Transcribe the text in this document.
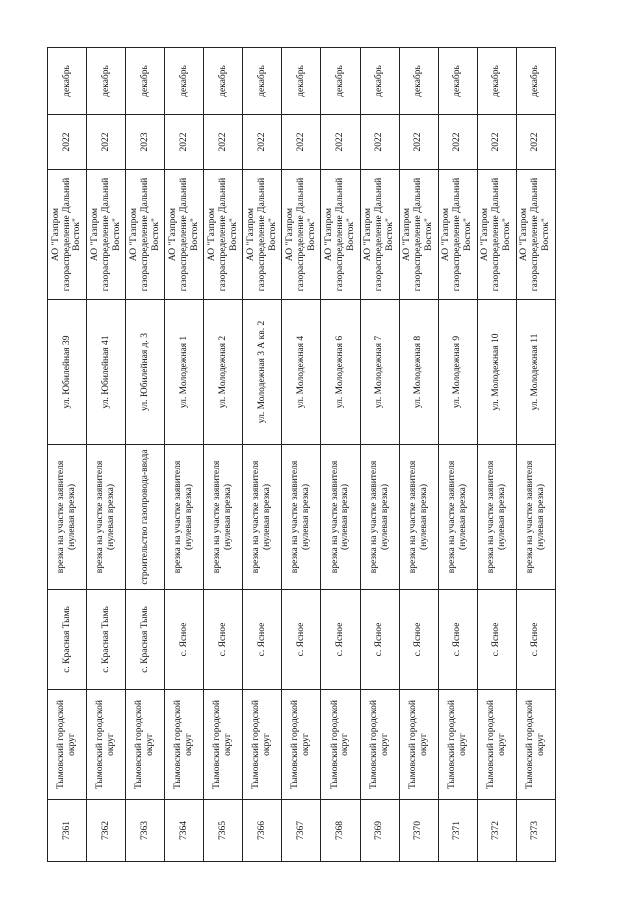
7361	Тымовский городской округ	с. Красная Тымь	врезка на участке заявителя (нулевая врезка)	ул. Юбилейная 39	АО "Газпром газораспределение Дальний Восток"	2022	декабрь
7362	Тымовский городской округ	с. Красная Тымь	врезка на участке заявителя (нулевая врезка)	ул. Юбилейная 41	АО "Газпром газораспределение Дальний Восток"	2022	декабрь
7363	Тымовский городской округ	с. Красная Тымь	строительство газопровода-ввода	ул. Юбилейная д. 3	АО "Газпром газораспределение Дальний Восток"	2023	декабрь
7364	Тымовский городской округ	с. Ясное	врезка на участке заявителя (нулевая врезка)	ул. Молодежная 1	АО "Газпром газораспределение Дальний Восток"	2022	декабрь
7365	Тымовский городской округ	с. Ясное	врезка на участке заявителя (нулевая врезка)	ул. Молодежная 2	АО "Газпром газораспределение Дальний Восток"	2022	декабрь
7366	Тымовский городской округ	с. Ясное	врезка на участке заявителя (нулевая врезка)	ул. Молодежная 3 А кв. 2	АО "Газпром газораспределение Дальний Восток"	2022	декабрь
7367	Тымовский городской округ	с. Ясное	врезка на участке заявителя (нулевая врезка)	ул. Молодежная 4	АО "Газпром газораспределение Дальний Восток"	2022	декабрь
7368	Тымовский городской округ	с. Ясное	врезка на участке заявителя (нулевая врезка)	ул. Молодежная 6	АО "Газпром газораспределение Дальний Восток"	2022	декабрь
7369	Тымовский городской округ	с. Ясное	врезка на участке заявителя (нулевая врезка)	ул. Молодежная 7	АО "Газпром газораспределение Дальний Восток"	2022	декабрь
7370	Тымовский городской округ	с. Ясное	врезка на участке заявителя (нулевая врезка)	ул. Молодежная 8	АО "Газпром газораспределение Дальний Восток"	2022	декабрь
7371	Тымовский городской округ	с. Ясное	врезка на участке заявителя (нулевая врезка)	ул. Молодежная 9	АО "Газпром газораспределение Дальний Восток"	2022	декабрь
7372	Тымовский городской округ	с. Ясное	врезка на участке заявителя (нулевая врезка)	ул. Молодежная 10	АО "Газпром газораспределение Дальний Восток"	2022	декабрь
7373	Тымовский городской округ	с. Ясное	врезка на участке заявителя (нулевая врезка)	ул. Молодежная 11	АО "Газпром газораспределение Дальний Восток"	2022	декабрь
